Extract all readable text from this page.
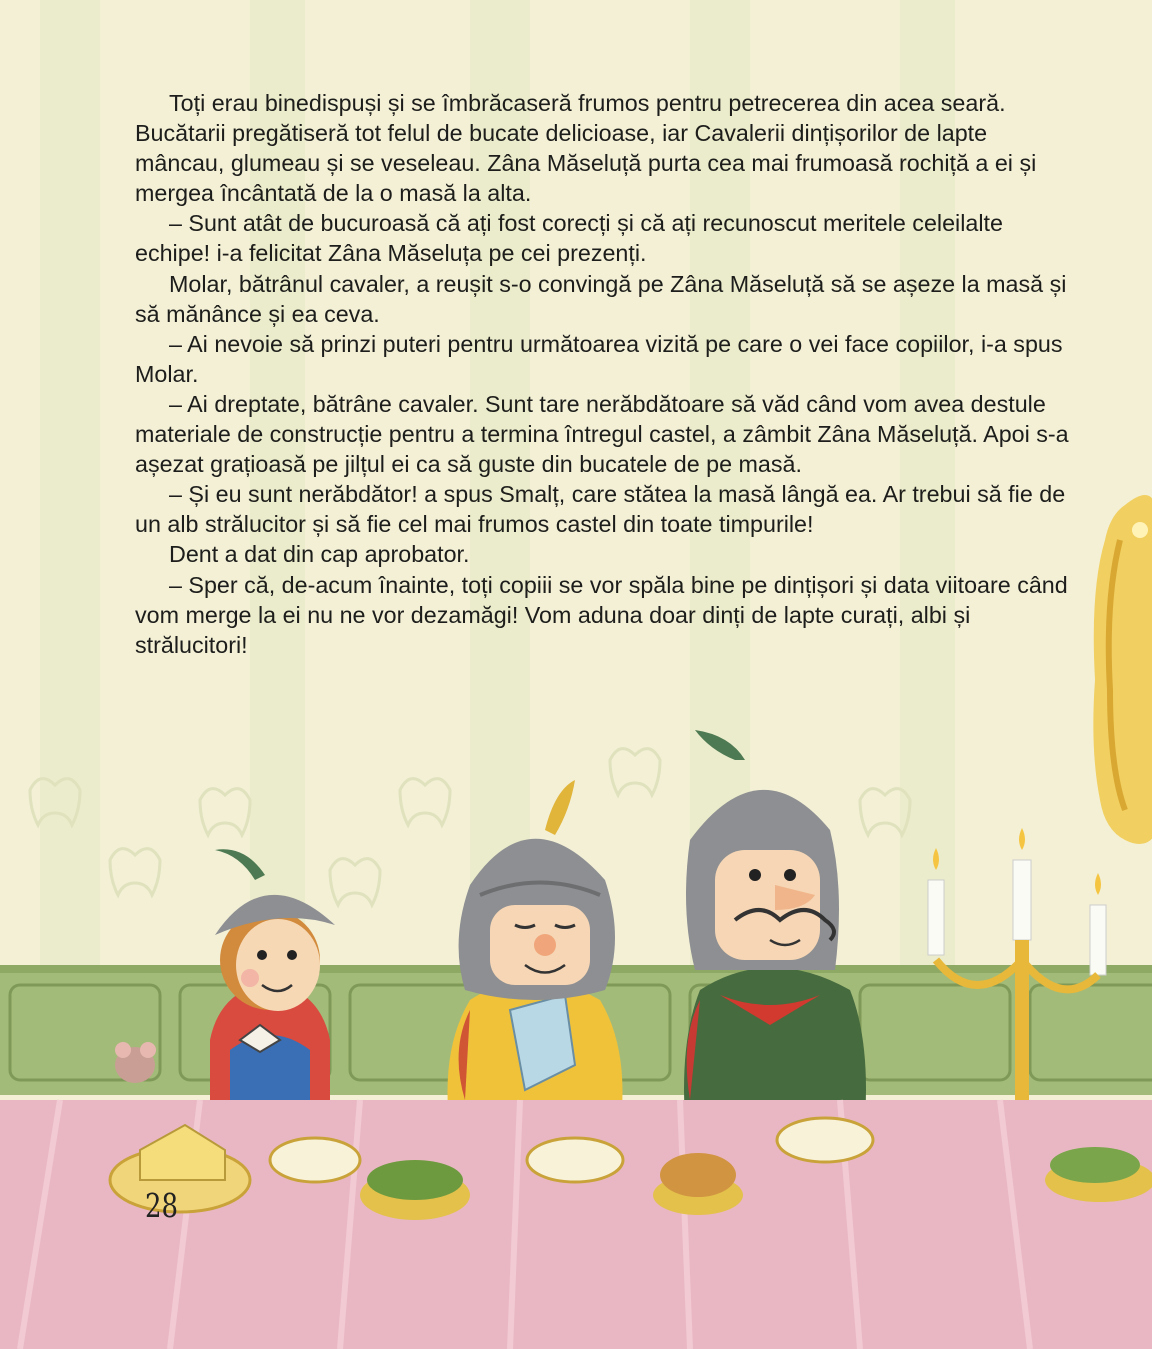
Toți erau binedispuși și se îmbrăcaseră frumos pentru petrecerea din acea seară. Bucătarii pregătiseră tot felul de bucate delicioase, iar Cavalerii dințișorilor de lapte mâncau, glumeau și se veseleau. Zâna Măseluță purta cea mai frumoasă rochiță a ei și mergea încântată de la o masă la alta.

– Sunt atât de bucuroasă că ați fost corecți și că ați recunoscut meritele celeilalte echipe! i-a felicitat Zâna Măseluța pe cei prezenți.

Molar, bătrânul cavaler, a reușit s-o convingă pe Zâna Măseluță să se așeze la masă și să mănânce și ea ceva.

– Ai nevoie să prinzi puteri pentru următoarea vizită pe care o vei face copiilor, i-a spus Molar.

– Ai dreptate, bătrâne cavaler. Sunt tare nerăbdătoare să văd când vom avea destule materiale de construcție pentru a termina întregul castel, a zâmbit Zâna Măseluță. Apoi s-a așezat grațioasă pe jilțul ei ca să guste din bucatele de pe masă.

– Și eu sunt nerăbdător! a spus Smalț, care stătea la masă lângă ea. Ar trebui să fie de un alb strălucitor și să fie cel mai frumos castel din toate timpurile!

Dent a dat din cap aprobator.

– Sper că, de-acum înainte, toți copiii se vor spăla bine pe dințișori și data viitoare când vom merge la ei nu ne vor dezamăgi! Vom aduna doar dinți de lapte curați, albi și strălucitori!

28
